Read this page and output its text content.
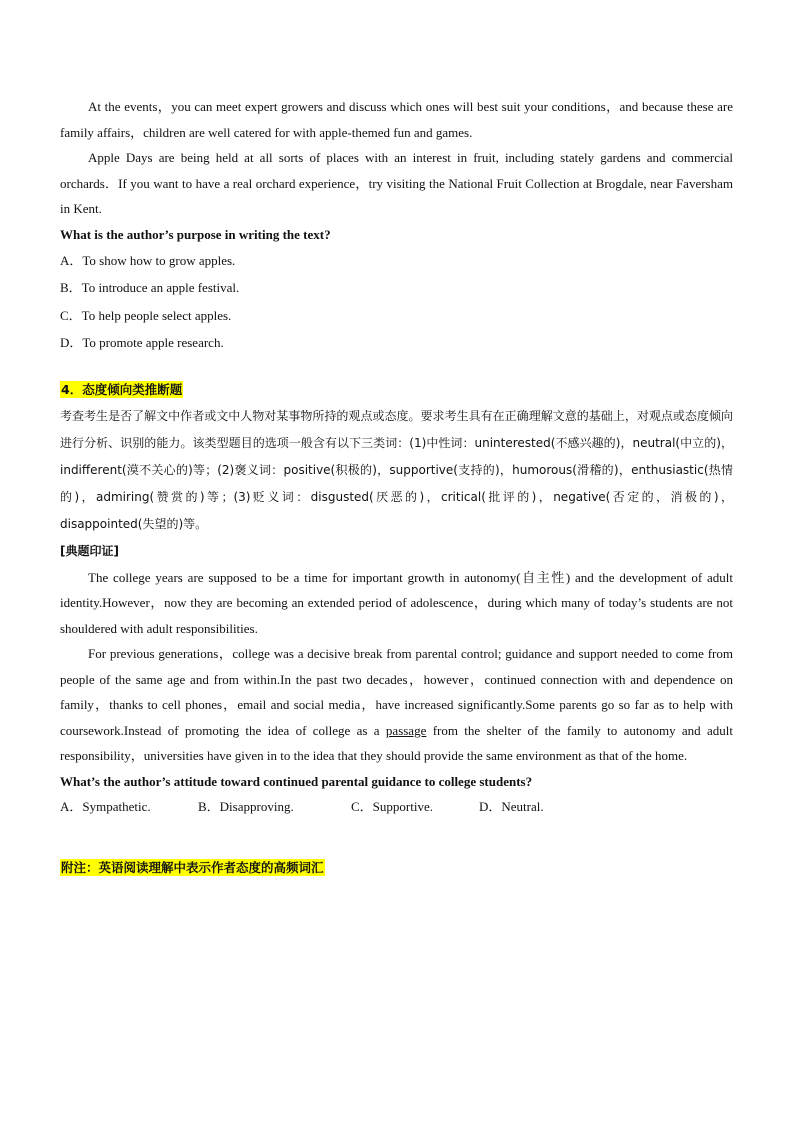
At the events，you can meet expert growers and discuss which ones will best suit your conditions，and because these are family affairs，children are well catered for with apple-themed fun and games.

Apple Days are being held at all sorts of places with an interest in fruit, including stately gardens and commercial orchards．If you want to have a real orchard experience，try visiting the National Fruit Collection at Brogdale, near Faversham in Kent.

What is the author’s purpose in writing the text?

A．To show how to grow apples.

B．To introduce an apple festival.

C．To help people select apples.

D．To promote apple research.

4．态度倾向类推断题

考查考生是否了解文中作者或文中人物对某事物所持的观点或态度。要求考生具有在正确理解文意的基础上，对观点或态度倾向进行分析、识别的能力。该类型题目的选项一般含有以下三类词：(1)中性词：uninterested(不感兴趣的)，neutral(中立的)，indifferent(漠不关心的)等；(2)褒义词：positive(积极的)，supportive(支持的)，humorous(滑稽的)，enthusiastic(热情的)，admiring(赞赏的)等；(3)贬义词：disgusted(厌恶的)，critical(批评的)，negative(否定的，消极的)，disappointed(失望的)等。

[典题印证]

The college years are supposed to be a time for important growth in autonomy(自主性) and the development of adult identity.However，now they are becoming an extended period of adolescence，during which many of today’s students are not shouldered with adult responsibilities.

For previous generations，college was a decisive break from parental control; guidance and support needed to come from people of the same age and from within.In the past two decades，however，continued connection with and dependence on family，thanks to cell phones，email and social media，have increased significantly.Some parents go so far as to help with coursework.Instead of promoting the idea of college as a passage from the shelter of the family to autonomy and adult responsibility，universities have given in to the idea that they should provide the same environment as that of the home.

What’s the author’s attitude toward continued parental guidance to college students?

A．Sympathetic.	B．Disapproving.	C．Supportive.	D．Neutral.

附注：英语阅读理解中表示作者态度的高频词汇
